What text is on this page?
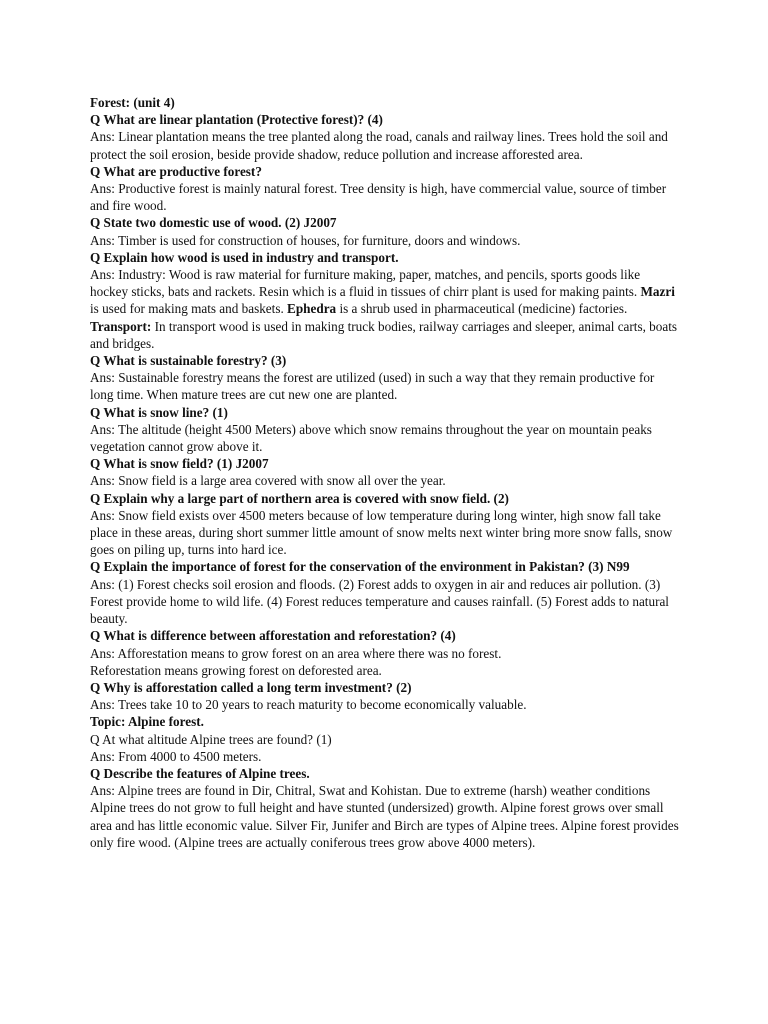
Forest: (unit 4)

Q What are linear plantation (Protective forest)? (4)

Ans: Linear plantation means the tree planted along the road, canals and railway lines. Trees hold the soil and protect the soil erosion, beside provide shadow, reduce pollution and increase afforested area.

Q What are productive forest?

Ans: Productive forest is mainly natural forest. Tree density is high, have commercial value, source of timber and fire wood.

Q State two domestic use of wood. (2) J2007

Ans: Timber is used for construction of houses, for furniture, doors and windows.

Q Explain how wood is used in industry and transport.

Ans: Industry: Wood is raw material for furniture making, paper, matches, and pencils, sports goods like hockey sticks, bats and rackets. Resin which is a fluid in tissues of chirr plant is used for making paints. Mazri is used for making mats and baskets. Ephedra is a shrub used in pharmaceutical (medicine) factories.

Transport: In transport wood is used in making truck bodies, railway carriages and sleeper, animal carts, boats and bridges.

Q What is sustainable forestry? (3)

Ans: Sustainable forestry means the forest are utilized (used) in such a way that they remain productive for long time. When mature trees are cut new one are planted.

Q What is snow line? (1)

Ans: The altitude (height 4500 Meters) above which snow remains throughout the year on mountain peaks vegetation cannot grow above it.

Q What is snow field? (1) J2007

Ans: Snow field is a large area covered with snow all over the year.

Q Explain why a large part of northern area is covered with snow field. (2)

Ans: Snow field exists over 4500 meters because of low temperature during long winter, high snow fall take place in these areas, during short summer little amount of snow melts next winter bring more snow falls, snow goes on piling up, turns into hard ice.

Q Explain the importance of forest for the conservation of the environment in Pakistan? (3) N99

Ans: (1) Forest checks soil erosion and floods. (2) Forest adds to oxygen in air and reduces air pollution. (3) Forest provide home to wild life. (4) Forest reduces temperature and causes rainfall. (5) Forest adds to natural beauty.

Q What is difference between afforestation and reforestation? (4)

Ans: Afforestation means to grow forest on an area where there was no forest.

Reforestation means growing forest on deforested area.

Q Why is afforestation called a long term investment? (2)

Ans: Trees take 10 to 20 years to reach maturity to become economically valuable.

Topic: Alpine forest.

Q At what altitude Alpine trees are found? (1)

Ans: From 4000 to 4500 meters.

Q Describe the features of Alpine trees.

Ans: Alpine trees are found in Dir, Chitral, Swat and Kohistan. Due to extreme (harsh) weather conditions Alpine trees do not grow to full height and have stunted (undersized) growth. Alpine forest grows over small area and has little economic value. Silver Fir, Junifer and Birch are types of Alpine trees. Alpine forest provides only fire wood. (Alpine trees are actually coniferous trees grow above 4000 meters).
